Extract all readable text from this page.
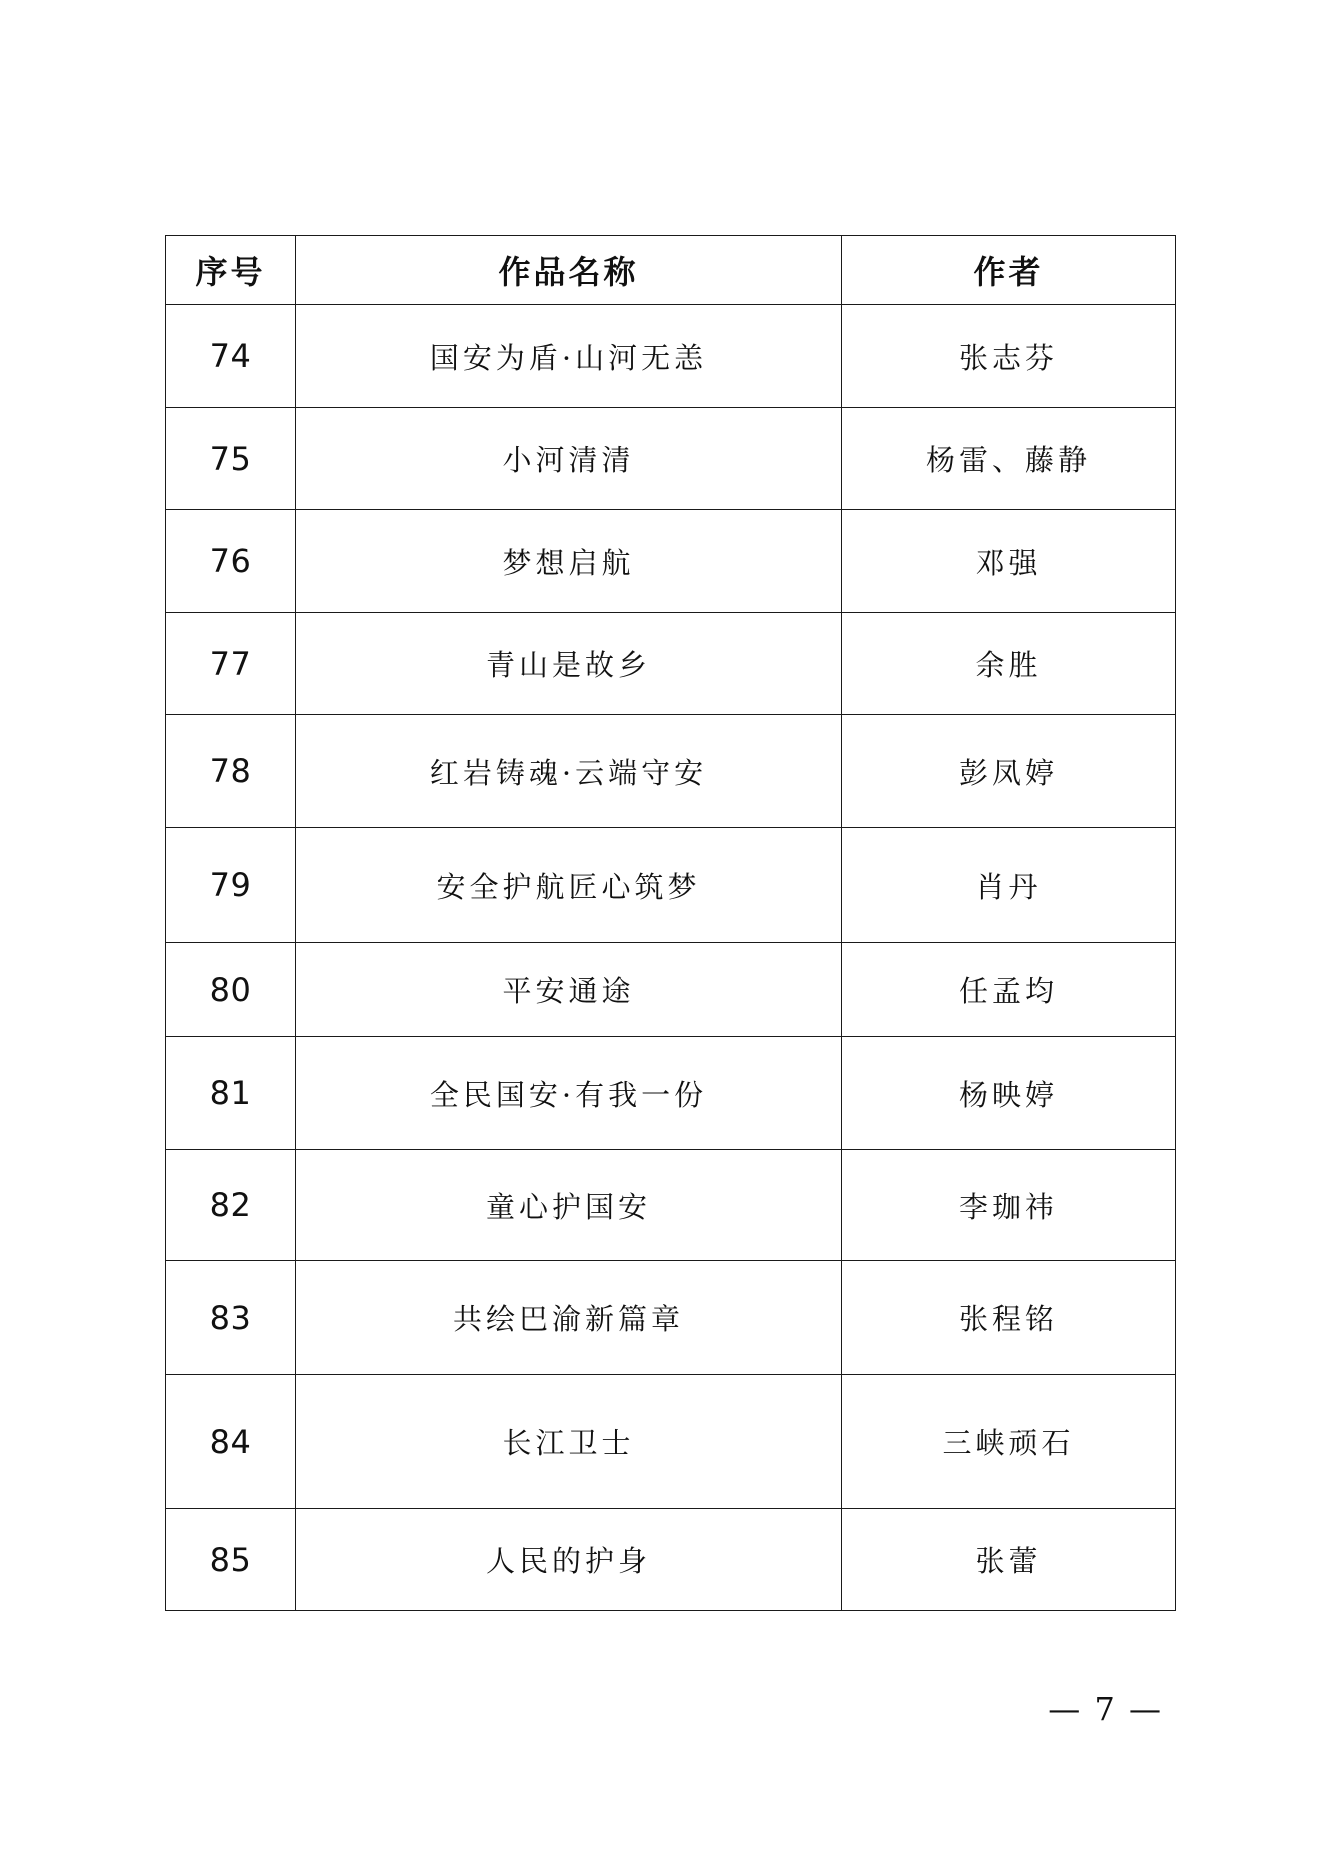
序号	作品名称	作者
74	国安为盾·山河无恙	张志芬
75	小河清清	杨雷、藤静
76	梦想启航	邓强
77	青山是故乡	余胜
78	红岩铸魂·云端守安	彭凤婷
79	安全护航匠心筑梦	肖丹
80	平安通途	任孟均
81	全民国安·有我一份	杨映婷
82	童心护国安	李珈祎
83	共绘巴渝新篇章	张程铭
84	长江卫士	三峡顽石
85	人民的护身	张蕾
— 7 —
